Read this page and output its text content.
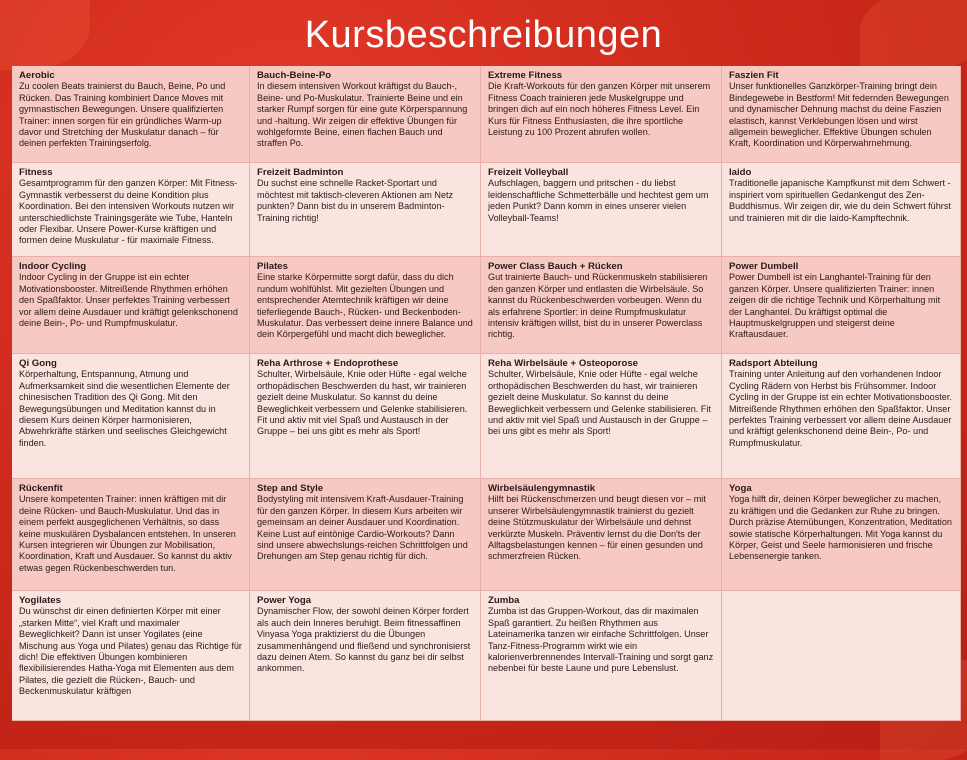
Kursbeschreibungen
Aerobic

Zu coolen Beats trainierst du Bauch, Beine, Po und Rücken. Das Training kombiniert Dance Moves mit gymnastischen Bewegungen. Unsere qualifizierten Trainer: innen sorgen für ein gründliches Warm-up davor und Stretching der Muskulatur danach – für deinen perfekten Trainingserfolg.

Bauch-Beine-Po

In diesem intensiven Workout kräftigst du Bauch-, Beine- und Po-Muskulatur. Trainierte Beine und ein starker Rumpf sorgen für eine gute Körperspannung und -haltung. Wir zeigen dir effektive Übungen für wohlgeformte Beine, einen flachen Bauch und straffen Po.

Extreme Fitness

Die Kraft-Workouts für den ganzen Körper mit unserem Fitness Coach trainieren jede Muskelgruppe und bringen dich auf ein noch höheres Fitness Level. Ein Kurs für Fitness Enthusiasten, die ihre sportliche Leistung zu 100 Prozent abrufen wollen.

Faszien Fit

Unser funktionelles Ganzkörper-Training bringt dein Bindegewebe in Bestform! Mit federnden Bewegungen und dynamischer Dehnung machst du deine Faszien elastisch, kannst Verklebungen lösen und wirst allgemein beweglicher. Effektive Übungen schulen Kraft, Koordination und Körperwahrnehmung.

Fitness

Gesamtprogramm für den ganzen Körper: Mit Fitness-Gymnastik verbesserst du deine Kondition plus Koordination. Bei den intensiven Workouts nutzen wir unterschiedlichste Trainingsgeräte wie Tube, Hanteln oder Flexibar. Unsere Power-Kurse kräftigen und formen deine Muskulatur - für maximale Fitness.

Freizeit Badminton

Du suchst eine schnelle Racket-Sportart und möchtest mit taktisch-cleveren Aktionen am Netz punkten? Dann bist du in unserem Badminton-Training richtig!

Freizeit Volleyball

Aufschlagen, baggern und pritschen - du liebst leidenschaftliche Schmetterbälle und hechtest gem um jeden Punkt? Dann komm in eines unserer vielen Volleyball-Teams!

Iaido

Traditionelle japanische Kampfkunst mit dem Schwert - inspiriert vom spirituellen Gedankengut des Zen-Buddhismus. Wir zeigen dir, wie du dein Schwert führst und trainieren mit dir die Iaido-Kampftechnik.

Indoor Cycling

Indoor Cycling in der Gruppe ist ein echter Motivationsbooster. Mitreißende Rhythmen erhöhen den Spaßfaktor. Unser perfektes Training verbessert vor allem deine Ausdauer und kräftigt gelenkschonend deine Bein-, Po- und Rumpfmuskulatur.

Pilates

Eine starke Körpermitte sorgt dafür, dass du dich rundum wohlfühlst. Mit gezielten Übungen und entsprechender Atemtechnik kräftigen wir deine tieferliegende Bauch-, Rücken- und Beckenboden-Muskulatur. Das verbessert deine innere Balance und dein Körpergefühl und macht dich beweglicher.

Power Class Bauch + Rücken

Gut trainierte Bauch- und Rückenmuskeln stabilisieren den ganzen Körper und entlasten die Wirbelsäule. So kannst du Rückenbeschwerden vorbeugen. Wenn du als erfahrene Sportler: in deine Rumpfmuskulatur intensiv kräftigen willst, bist du in unserer Powerclass richtig.

Power Dumbell

Power Dumbell ist ein Langhantel-Training für den ganzen Körper. Unsere qualifizierten Trainer: innen zeigen dir die richtige Technik und Körperhaltung mit der Langhantel. Du kräftigst optimal die Hauptmuskelgruppen und steigerst deine Kraftausdauer.

Qi Gong

Körperhaltung, Entspannung, Atmung und Aufmerksamkeit sind die wesentlichen Elemente der chinesischen Tradition des Qi Gong. Mit den Bewegungsübungen und Meditation kannst du in diesem Kurs deinen Körper harmonisieren, Abwehrkräfte stärken und seelisches Gleichgewicht finden.

Reha Arthrose + Endoprothese

Schulter, Wirbelsäule, Knie oder Hüfte - egal welche orthopädischen Beschwerden du hast, wir trainieren gezielt deine Muskulatur. So kannst du deine Beweglichkeit verbessern und Gelenke stabilisieren. Fit und aktiv mit viel Spaß und Austausch in der Gruppe – bei uns gibt es mehr als Sport!

Reha Wirbelsäule + Osteoporose

Schulter, Wirbelsäule, Knie oder Hüfte - egal welche orthopädischen Beschwerden du hast, wir trainieren gezielt deine Muskulatur. So kannst du deine Beweglichkeit verbessern und Gelenke stabilisieren. Fit und aktiv mit viel Spaß und Austausch in der Gruppe – bei uns gibt es mehr als Sport!

Radsport Abteilung

Training unter Anleitung auf den vorhandenen Indoor Cycling Rädern von Herbst bis Frühsommer. Indoor Cycling in der Gruppe ist ein echter Motivationsbooster. Mitreißende Rhythmen erhöhen den Spaßfaktor. Unser perfektes Training verbessert vor allem deine Ausdauer und kräftigt gelenkschonend deine Bein-, Po- und Rumpfmuskulatur.

Rückenfit

Unsere kompetenten Trainer: innen kräftigen mit dir deine Rücken- und Bauch-Muskulatur. Und das in einem perfekt ausgeglichenen Verhältnis, so dass keine muskulären Dysbalancen entstehen. In unseren Kursen integrieren wir Übungen zur Mobilisation, Koordination, Kraft und Ausdauer. So kannst du aktiv etwas gegen Rückenbeschwerden tun.

Step and Style

Bodystyling mit intensivem Kraft-Ausdauer-Training für den ganzen Körper. In diesem Kurs arbeiten wir gemeinsam an deiner Ausdauer und Koordination. Keine Lust auf eintönige Cardio-Workouts? Dann sind unsere abwechslungs-reichen Schrittfolgen und Drehungen am Step genau richtig für dich.

Wirbelsäulengymnastik

Hilft bei Rückenschmerzen und beugt diesen vor – mit unserer Wirbelsäulengymnastik trainierst du gezielt deine Stützmuskulatur der Wirbelsäule und dehnst verkürzte Muskeln. Präventiv lernst du die Don'ts der Alltagsbelastungen kennen – für einen gesunden und schmerzfreien Rücken.

Yoga

Yoga hilft dir, deinen Körper beweglicher zu machen, zu kräftigen und die Gedanken zur Ruhe zu bringen. Durch präzise Atemübungen, Konzentration, Meditation sowie statische Körperhaltungen. Mit Yoga kannst du Körper, Geist und Seele harmonisieren und frische Lebensenergie tanken.

Yogilates

Du wünschst dir einen definierten Körper mit einer „starken Mitte“, viel Kraft und maximaler Beweglichkeit? Dann ist unser Yogilates (eine Mischung aus Yoga und Pilates) genau das Richtige für dich! Die effektiven Übungen kombinieren flexibilisierendes Hatha-Yoga mit Elementen aus dem Pilates, die gezielt die Rücken-, Bauch- und Beckenmuskulatur kräftigen

Power Yoga

Dynamischer Flow, der sowohl deinen Körper fordert als auch dein Inneres beruhigt. Beim fitnessaffinen Vinyasa Yoga praktizierst du die Übungen zusammenhängend und fließend und synchronisierst dazu deinen Atem. So kannst du ganz bei dir selbst ankommen.

Zumba

Zumba ist das Gruppen-Workout, das dir maximalen Spaß garantiert. Zu heißen Rhythmen aus Lateinamerika tanzen wir einfache Schrittfolgen. Unser Tanz-Fitness-Programm wirkt wie ein kalorienverbrennendes Intervall-Training und sorgt ganz nebenbei für beste Laune und pure Lebenslust.
